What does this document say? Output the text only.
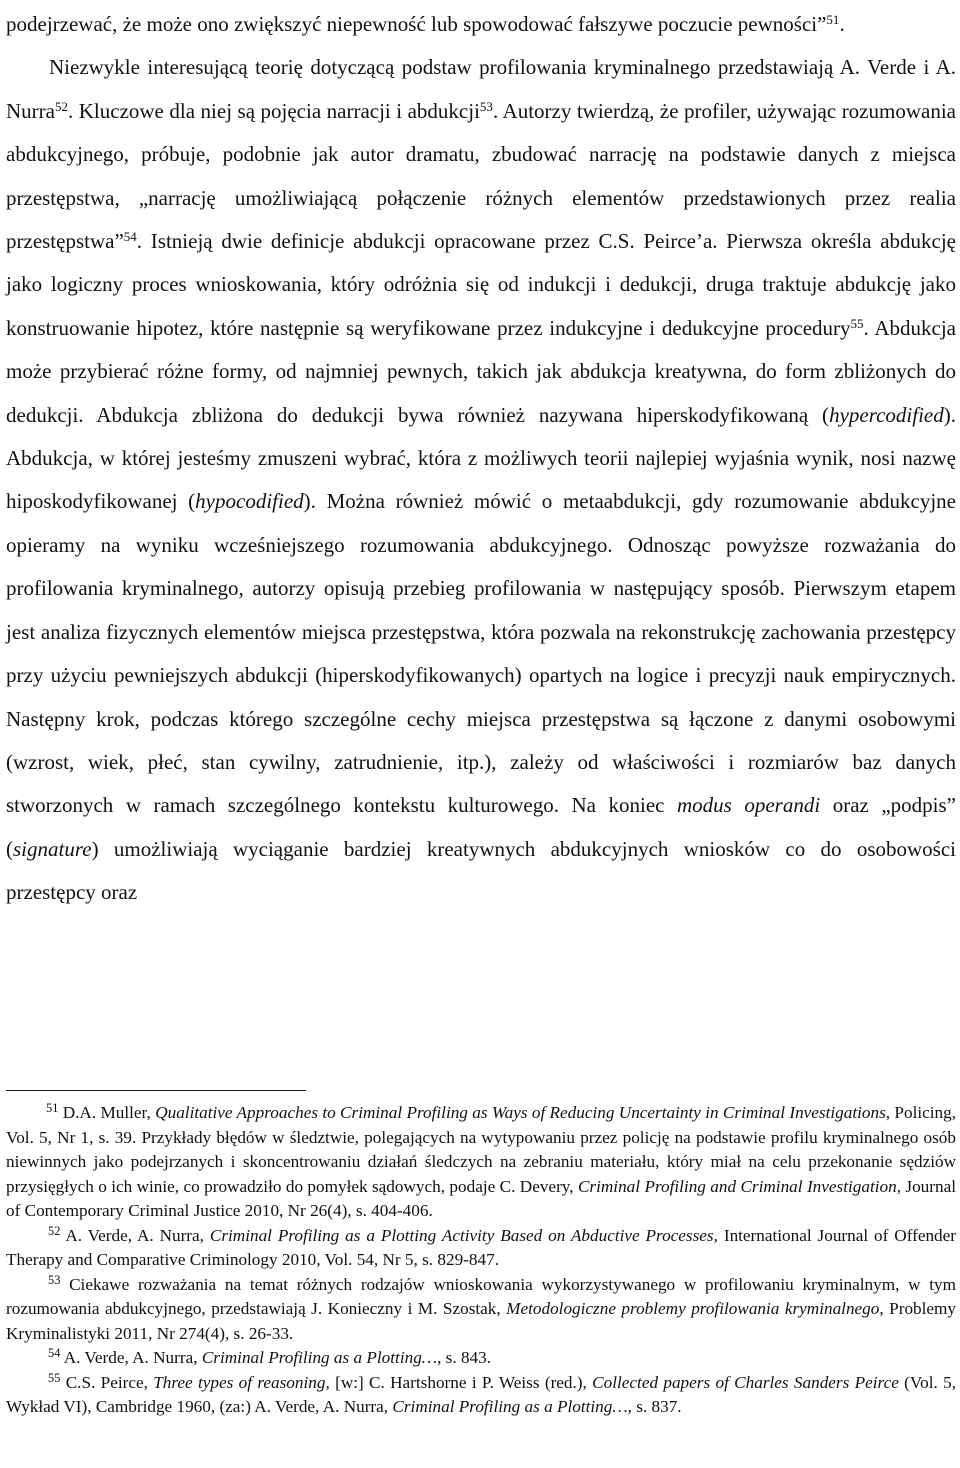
podejrzewać, że może ono zwiększyć niepewność lub spowodować fałszywe poczucie pewności”$^{51}$.

Niezwykle interesującą teorię dotyczącą podstaw profilowania kryminalnego przedstawiają A. Verde i A. Nurra$^{52}$. Kluczowe dla niej są pojęcia narracji i abdukcji$^{53}$. Autorzy twierdzą, że profiler, używając rozumowania abdukcyjnego, próbuje, podobnie jak autor dramatu, zbudować narrację na podstawie danych z miejsca przestępstwa, „narrację umożliwiającą połączenie różnych elementów przedstawionych przez realia przestępstwa”$^{54}$. Istnieją dwie definicje abdukcji opracowane przez C.S. Peirce’a. Pierwsza określa abdukcję jako logiczny proces wnioskowania, który odróżnia się od indukcji i dedukcji, druga traktuje abdukcję jako konstruowanie hipotez, które następnie są weryfikowane przez indukcyjne i dedukcyjne procedury$^{55}$. Abdukcja może przybierać różne formy, od najmniej pewnych, takich jak abdukcja kreatywna, do form zbliżonych do dedukcji. Abdukcja zbliżona do dedukcji bywa również nazywana hiperskodyfikowaną (hypercodified). Abdukcja, w której jesteśmy zmuszeni wybrać, która z możliwych teorii najlepiej wyjaśnia wynik, nosi nazwę hiposkodyfikowanej (hypocodified). Można również mówić o metaabdukcji, gdy rozumowanie abdukcyjne opieramy na wyniku wcześniejszego rozumowania abdukcyjnego. Odnosząc powyższe rozważania do profilowania kryminalnego, autorzy opisują przebieg profilowania w następujący sposób. Pierwszym etapem jest analiza fizycznych elementów miejsca przestępstwa, która pozwala na rekonstrukcję zachowania przestępcy przy użyciu pewniejszych abdukcji (hiperskodyfikowanych) opartych na logice i precyzji nauk empirycznych. Następny krok, podczas którego szczególne cechy miejsca przestępstwa są łączone z danymi osobowymi (wzrost, wiek, płeć, stan cywilny, zatrudnienie, itp.), zależy od właściwości i rozmiarów baz danych stworzonych w ramach szczególnego kontekstu kulturowego. Na koniec modus operandi oraz „podpis” (signature) umożliwiają wyciąganie bardziej kreatywnych abdukcyjnych wniosków co do osobowości przestępcy oraz

$^{51}$ D.A. Muller, Qualitative Approaches to Criminal Profiling as Ways of Reducing Uncertainty in Criminal Investigations, Policing, Vol. 5, Nr 1, s. 39. Przykłady błędów w śledztwie, polegających na wytypowaniu przez policję na podstawie profilu kryminalnego osób niewinnych jako podejrzanych i skoncentrowaniu działań śledczych na zebraniu materiału, który miał na celu przekonanie sędziów przysięgłych o ich winie, co prowadziło do pomyłek sądowych, podaje C. Devery, Criminal Profiling and Criminal Investigation, Journal of Contemporary Criminal Justice 2010, Nr 26(4), s. 404-406.

$^{52}$ A. Verde, A. Nurra, Criminal Profiling as a Plotting Activity Based on Abductive Processes, International Journal of Offender Therapy and Comparative Criminology 2010, Vol. 54, Nr 5, s. 829-847.

$^{53}$ Ciekawe rozważania na temat różnych rodzajów wnioskowania wykorzystywanego w profilowaniu kryminalnym, w tym rozumowania abdukcyjnego, przedstawiają J. Konieczny i M. Szostak, Metodologiczne problemy profilowania kryminalnego, Problemy Kryminalistyki 2011, Nr 274(4), s. 26-33.

$^{54}$ A. Verde, A. Nurra, Criminal Profiling as a Plotting…, s. 843.

$^{55}$ C.S. Peirce, Three types of reasoning, [w:] C. Hartshorne i P. Weiss (red.), Collected papers of Charles Sanders Peirce (Vol. 5, Wykład VI), Cambridge 1960, (za:) A. Verde, A. Nurra, Criminal Profiling as a Plotting…, s. 837.
